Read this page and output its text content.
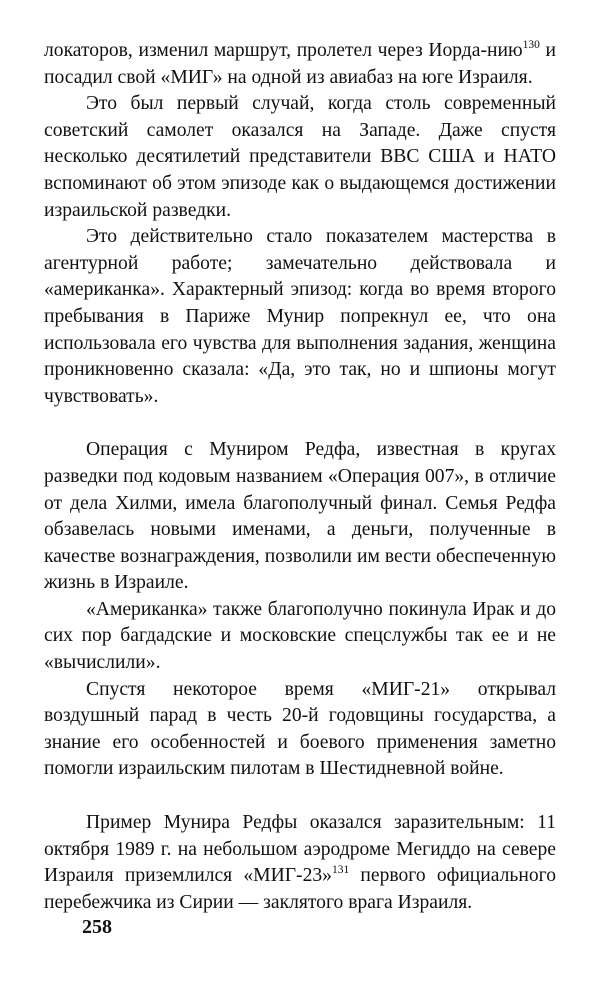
локаторов, изменил маршрут, пролетел через Иорда-нию$^{130}$ и посадил свой «МИГ» на одной из авиабаз на юге Израиля.

Это был первый случай, когда столь современный советский самолет оказался на Западе. Даже спустя несколько десятилетий представители ВВС США и НАТО вспоминают об этом эпизоде как о выдающемся достижении израильской разведки.

Это действительно стало показателем мастерства в агентурной работе; замечательно действовала и «американка». Характерный эпизод: когда во время второго пребывания в Париже Мунир попрекнул ее, что она использовала его чувства для выполнения задания, женщина проникновенно сказала: «Да, это так, но и шпионы могут чувствовать».

Операция с Муниром Редфа, известная в кругах разведки под кодовым названием «Операция 007», в отличие от дела Хилми, имела благополучный финал. Семья Редфа обзавелась новыми именами, а деньги, полученные в качестве вознаграждения, позволили им вести обеспеченную жизнь в Израиле.

«Американка» также благополучно покинула Ирак и до сих пор багдадские и московские спецслужбы так ее и не «вычислили».

Спустя некоторое время «МИГ-21» открывал воздушный парад в честь 20-й годовщины государства, а знание его особенностей и боевого применения заметно помогли израильским пилотам в Шестидневной войне.

Пример Мунира Редфы оказался заразительным: 11 октября 1989 г. на небольшом аэродроме Мегиддо на севере Израиля приземлился «МИГ-23»$^{131}$ первого официального перебежчика из Сирии — заклятого врага Израиля.

258
